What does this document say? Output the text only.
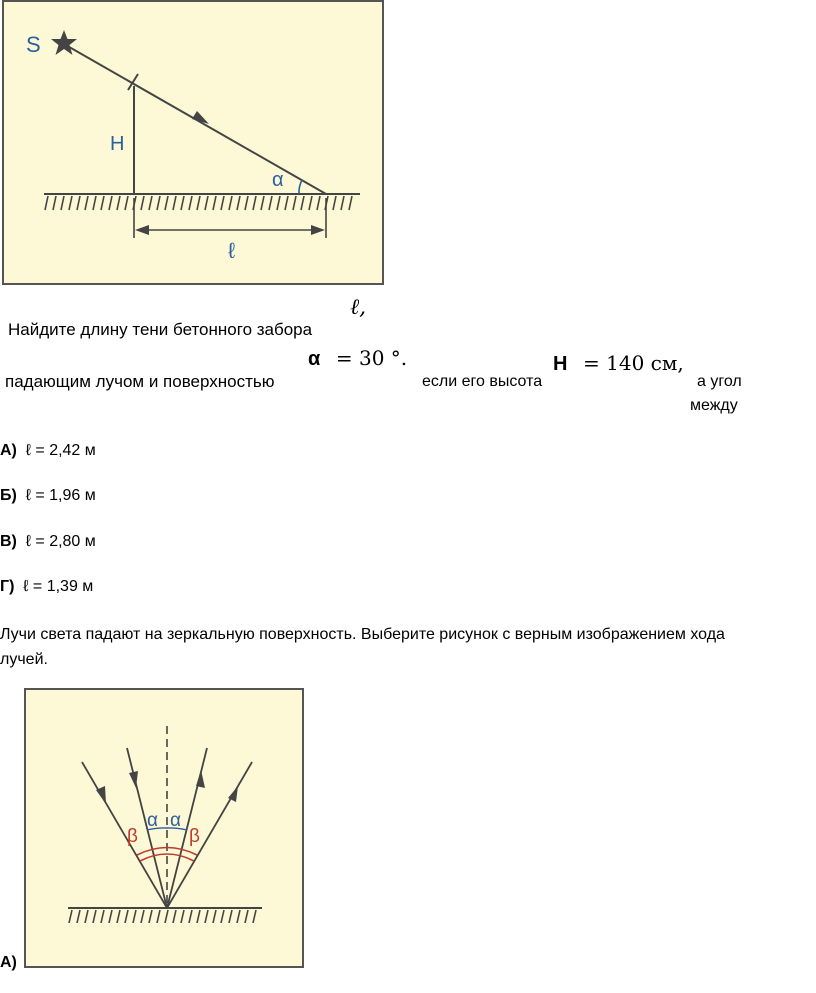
S
H
α
ℓ
ℓ,
Найдите длину тени бетонного забора
α = 30 °.	H = 140 см,
падающим лучом и поверхностью	если его высота	а угол
между
А) ℓ = 2,42 м
Б) ℓ = 1,96 м
В) ℓ = 2,80 м
Г) ℓ = 1,39 м
Лучи света падают на зеркальную поверхность. Выберите рисунок с верным изображением хода
лучей.
α α
β	β
А)
